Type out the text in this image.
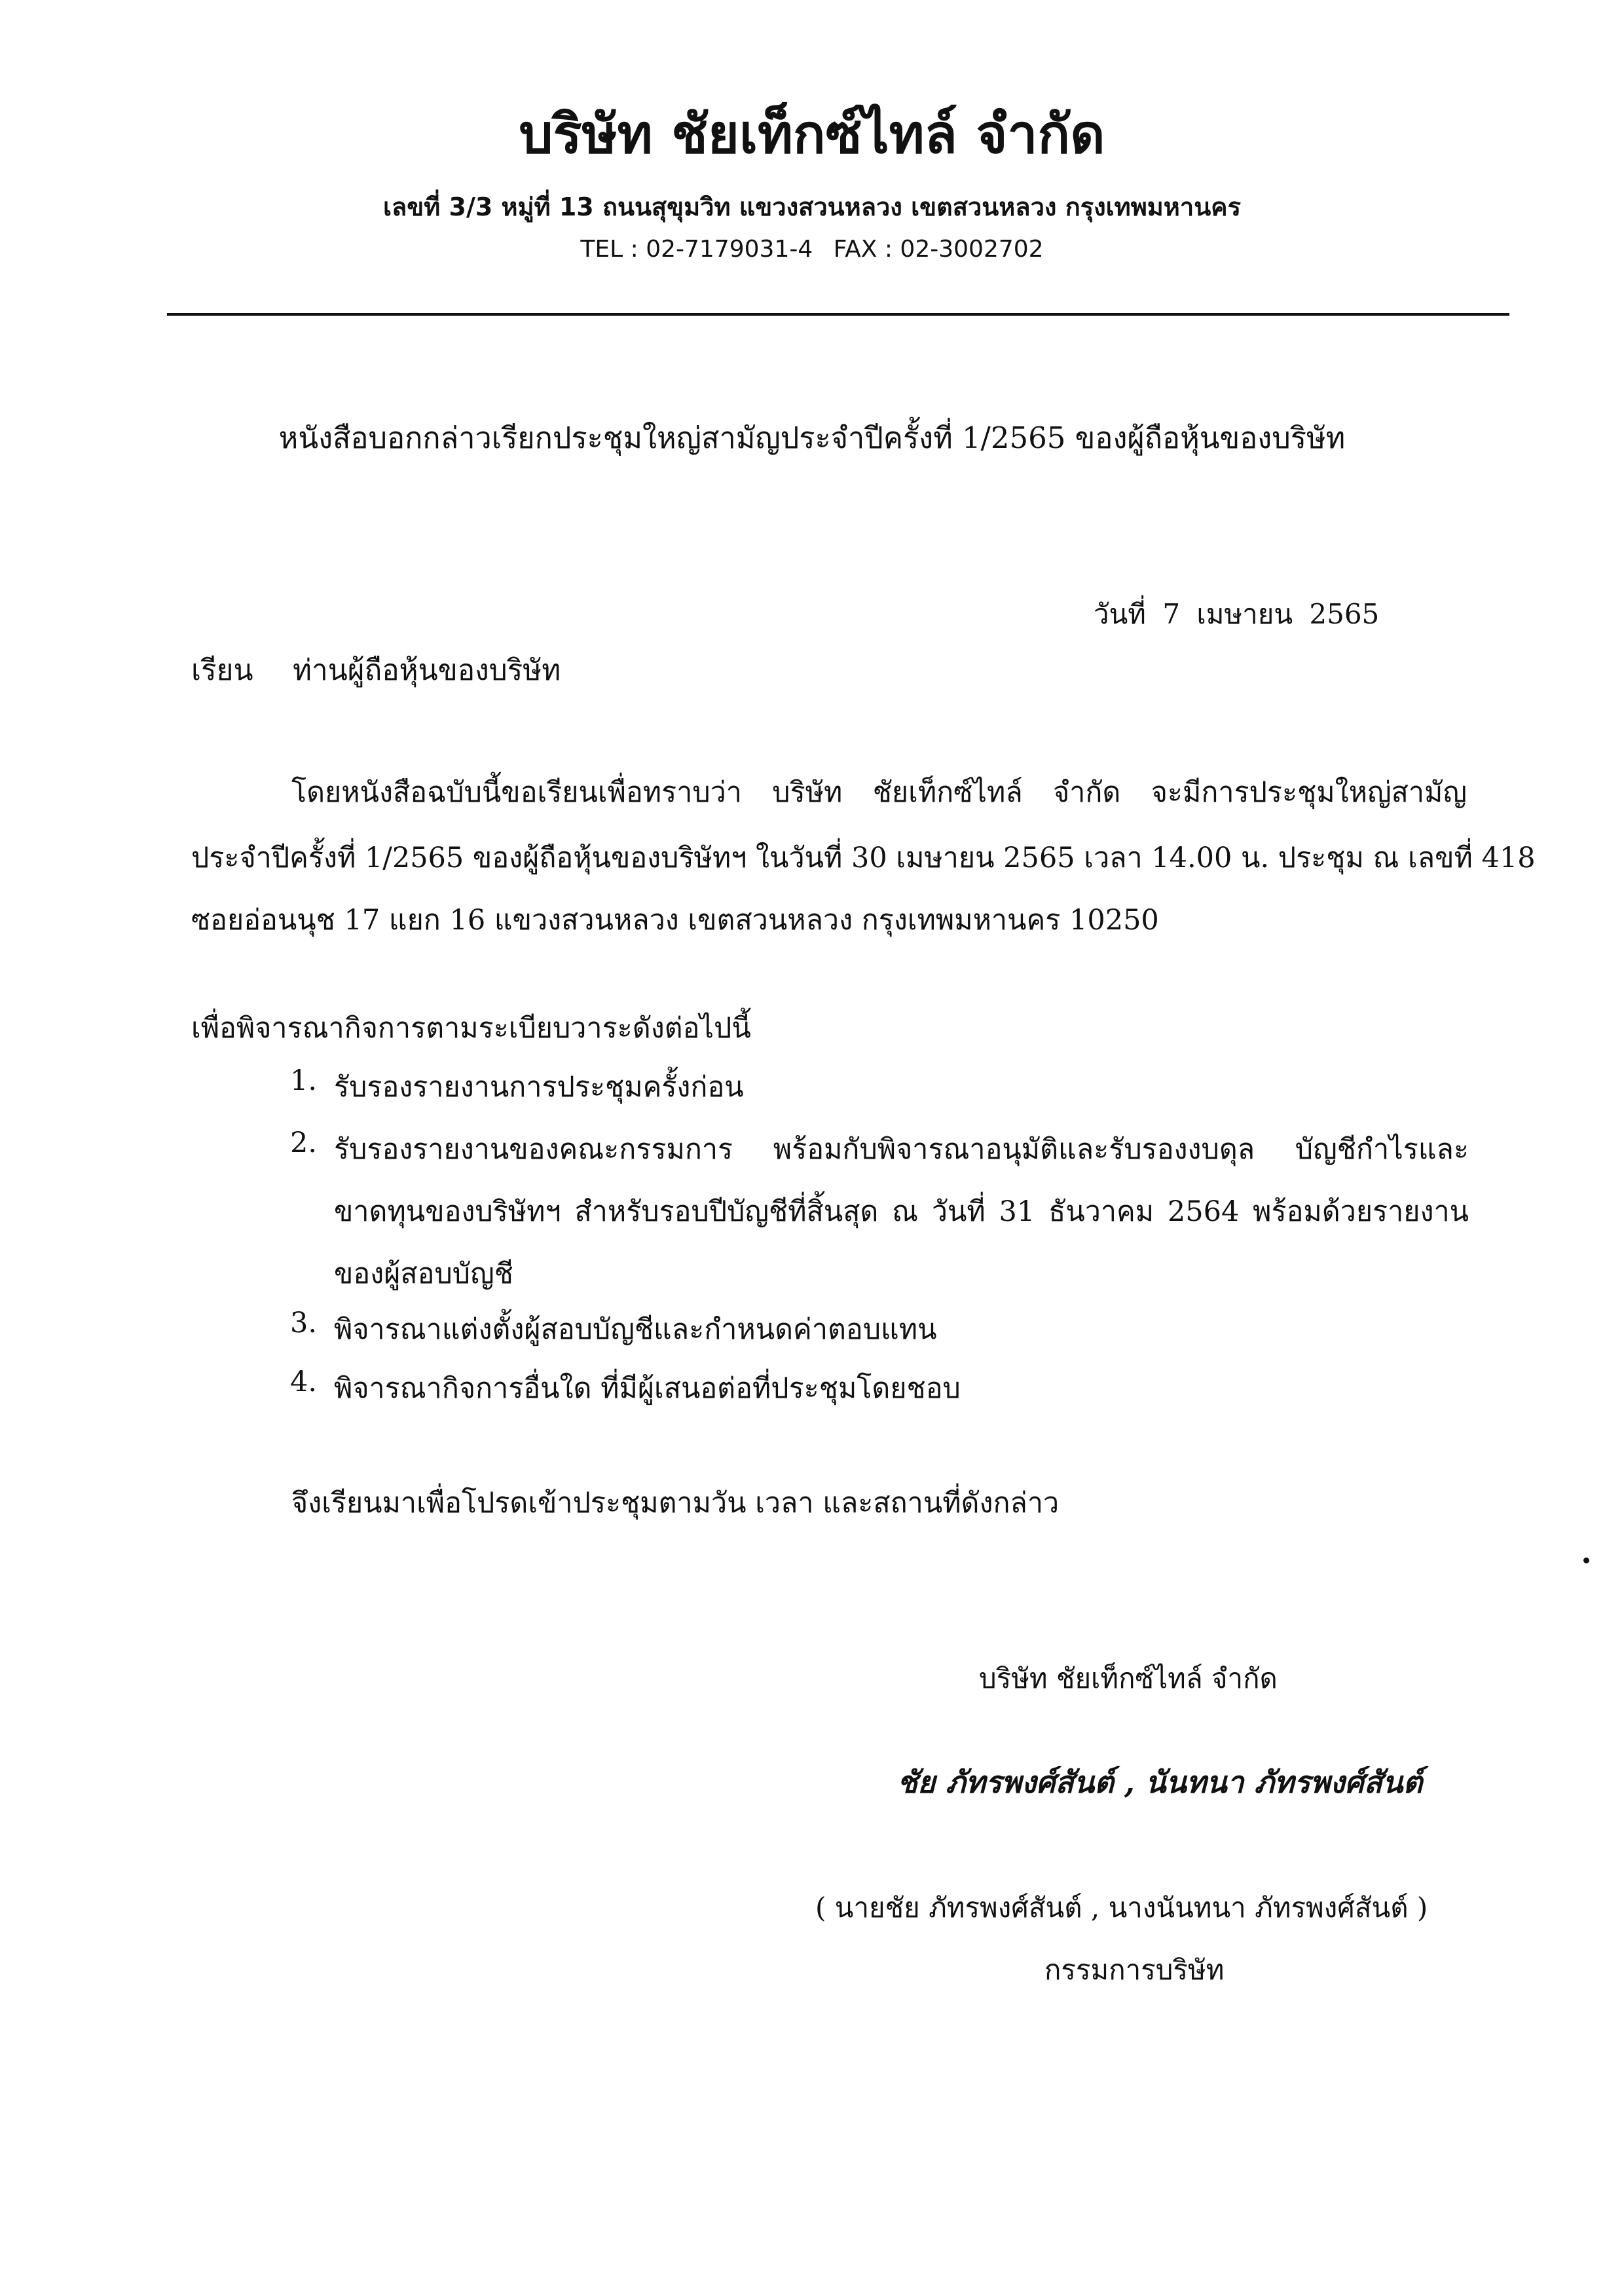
บริษัท ชัยเท็กซ์ไทล์ จำกัด
เลขที่ 3/3 หมู่ที่ 13 ถนนสุขุมวิท แขวงสวนหลวง เขตสวนหลวง กรุงเทพมหานคร
TEL : 02-7179031-4 FAX : 02-3002702
หนังสือบอกกล่าวเรียกประชุมใหญ่สามัญประจำปีครั้งที่ 1/2565 ของผู้ถือหุ้นของบริษัท
วันที่ 7 เมษายน 2565
เรียน ท่านผู้ถือหุ้นของบริษัท
โดยหนังสือฉบับนี้ขอเรียนเพื่อทราบว่า บริษัท ชัยเท็กซ์ไทล์ จำกัด จะมีการประชุมใหญ่สามัญ
ประจำปีครั้งที่ 1/2565 ของผู้ถือหุ้นของบริษัทฯ ในวันที่ 30 เมษายน 2565 เวลา 14.00 น. ประชุม ณ เลขที่ 418
ซอยอ่อนนุช 17 แยก 16 แขวงสวนหลวง เขตสวนหลวง กรุงเทพมหานคร 10250
เพื่อพิจารณากิจการตามระเบียบวาระดังต่อไปนี้
1. รับรองรายงานการประชุมครั้งก่อน
2. รับรองรายงานของคณะกรรมการ พร้อมกับพิจารณาอนุมัติและรับรองงบดุล บัญชีกำไรและ
ขาดทุนของบริษัทฯ สำหรับรอบปีบัญชีที่สิ้นสุด ณ วันที่ 31 ธันวาคม 2564 พร้อมด้วยรายงาน
ของผู้สอบบัญชี
3. พิจารณาแต่งตั้งผู้สอบบัญชีและกำหนดค่าตอบแทน
4. พิจารณากิจการอื่นใด ที่มีผู้เสนอต่อที่ประชุมโดยชอบ
จึงเรียนมาเพื่อโปรดเข้าประชุมตามวัน เวลา และสถานที่ดังกล่าว
บริษัท ชัยเท็กซ์ไทล์ จำกัด
ชัย ภัทรพงศ์สันต์ , นันทนา ภัทรพงศ์สันต์
( นายชัย ภัทรพงศ์สันต์ , นางนันทนา ภัทรพงศ์สันต์ )
กรรมการบริษัท
